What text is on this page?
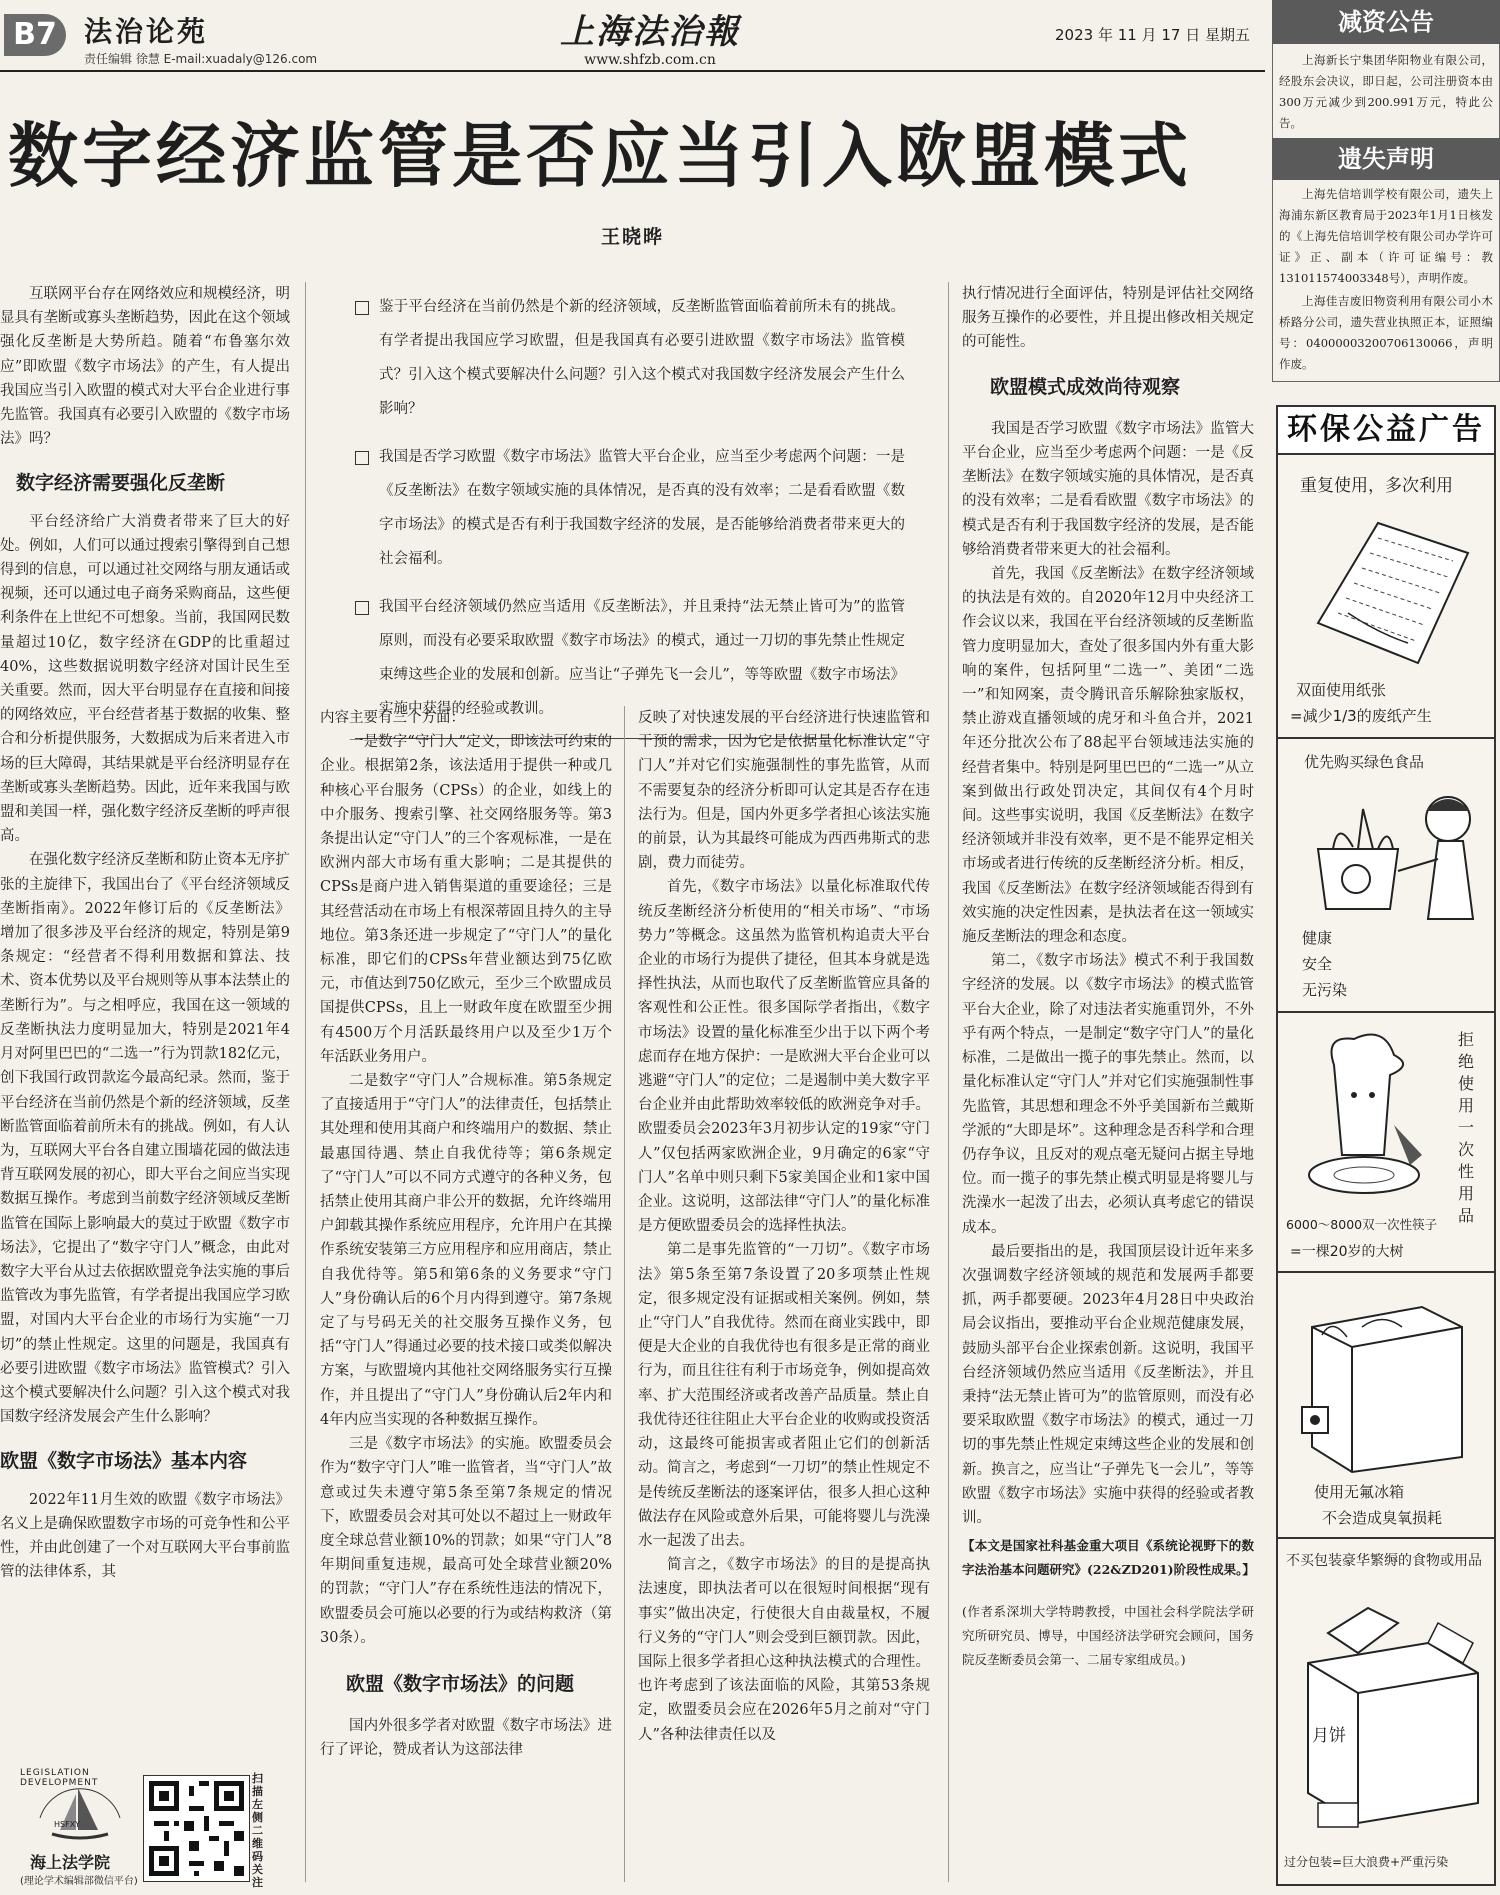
B7 法治论苑
责任编辑 徐慧 E-mail:xuadaly@126.com
上海法治報
www.shfzb.com.cn
2023 年 11 月 17 日 星期五
数字经济监管是否应当引入欧盟模式
王晓晔

互联网平台存在网络效应和规模经济，明显具有垄断或寡头垄断趋势，因此在这个领域强化反垄断是大势所趋。随着“布鲁塞尔效应”即欧盟《数字市场法》的产生，有人提出我国应当引入欧盟的模式对大平台企业进行事先监管。我国真有必要引入欧盟的《数字市场法》吗？

数字经济需要强化反垄断

平台经济给广大消费者带来了巨大的好处。例如，人们可以通过搜索引擎得到自己想得到的信息，可以通过社交网络与朋友通话或视频，还可以通过电子商务采购商品，这些便利条件在上世纪不可想象。当前，我国网民数量超过10亿，数字经济在GDP的比重超过40%，这些数据说明数字经济对国计民生至关重要。然而，因大平台明显存在直接和间接的网络效应，平台经营者基于数据的收集、整合和分析提供服务，大数据成为后来者进入市场的巨大障碍，其结果就是平台经济明显存在垄断或寡头垄断趋势。因此，近年来我国与欧盟和美国一样，强化数字经济反垄断的呼声很高。

在强化数字经济反垄断和防止资本无序扩张的主旋律下，我国出台了《平台经济领域反垄断指南》。2022年修订后的《反垄断法》增加了很多涉及平台经济的规定，特别是第9条规定：“经营者不得利用数据和算法、技术、资本优势以及平台规则等从事本法禁止的垄断行为”。与之相呼应，我国在这一领域的反垄断执法力度明显加大，特别是2021年4月对阿里巴巴的“二选一”行为罚款182亿元，创下我国行政罚款迄今最高纪录。然而，鉴于平台经济在当前仍然是个新的经济领域，反垄断监管面临着前所未有的挑战。例如，有人认为，互联网大平台各自建立围墙花园的做法违背互联网发展的初心，即大平台之间应当实现数据互操作。考虑到当前数字经济领域反垄断监管在国际上影响最大的莫过于欧盟《数字市场法》，它提出了“数字守门人”概念，由此对数字大平台从过去依据欧盟竞争法实施的事后监管改为事先监管，有学者提出我国应学习欧盟，对国内大平台企业的市场行为实施“一刀切”的禁止性规定。这里的问题是，我国真有必要引进欧盟《数字市场法》监管模式？引入这个模式要解决什么问题？引入这个模式对我国数字经济发展会产生什么影响？

欧盟《数字市场法》基本内容

2022年11月生效的欧盟《数字市场法》名义上是确保欧盟数字市场的可竞争性和公平性，并由此创建了一个对互联网大平台事前监管的法律体系，其

HSFXY
LEGISLATION DEVELOPMENT
海上法学院
(理论学术编辑部微信平台)
扫描左侧二维码关注
鉴于平台经济在当前仍然是个新的经济领域，反垄断监管面临着前所未有的挑战。有学者提出我国应学习欧盟，但是我国真有必要引进欧盟《数字市场法》监管模式？引入这个模式要解决什么问题？引入这个模式对我国数字经济发展会产生什么影响？
我国是否学习欧盟《数字市场法》监管大平台企业，应当至少考虑两个问题：一是《反垄断法》在数字领域实施的具体情况，是否真的没有效率；二是看看欧盟《数字市场法》的模式是否有利于我国数字经济的发展，是否能够给消费者带来更大的社会福利。
我国平台经济领域仍然应当适用《反垄断法》，并且秉持“法无禁止皆可为”的监管原则，而没有必要采取欧盟《数字市场法》的模式，通过一刀切的事先禁止性规定束缚这些企业的发展和创新。应当让“子弹先飞一会儿”，等等欧盟《数字市场法》实施中获得的经验或教训。

内容主要有三个方面：

一是数字“守门人”定义，即该法可约束的企业。根据第2条，该法适用于提供一种或几种核心平台服务（CPSs）的企业，如线上的中介服务、搜索引擎、社交网络服务等。第3条提出认定“守门人”的三个客观标准，一是在欧洲内部大市场有重大影响；二是其提供的CPSs是商户进入销售渠道的重要途径；三是其经营活动在市场上有根深蒂固且持久的主导地位。第3条还进一步规定了“守门人”的量化标准，即它们的CPSs年营业额达到75亿欧元，市值达到750亿欧元，至少三个欧盟成员国提供CPSs，且上一财政年度在欧盟至少拥有4500万个月活跃最终用户以及至少1万个年活跃业务用户。

二是数字“守门人”合规标准。第5条规定了直接适用于“守门人”的法律责任，包括禁止其处理和使用其商户和终端用户的数据、禁止最惠国待遇、禁止自我优待等；第6条规定了“守门人”可以不同方式遵守的各种义务，包括禁止使用其商户非公开的数据，允许终端用户卸载其操作系统应用程序，允许用户在其操作系统安装第三方应用程序和应用商店，禁止自我优待等。第5和第6条的义务要求“守门人”身份确认后的6个月内得到遵守。第7条规定了与号码无关的社交服务互操作义务，包括“守门人”得通过必要的技术接口或类似解决方案，与欧盟境内其他社交网络服务实行互操作，并且提出了“守门人”身份确认后2年内和4年内应当实现的各种数据互操作。

三是《数字市场法》的实施。欧盟委员会作为“数字守门人”唯一监管者，当“守门人”故意或过失未遵守第5条至第7条规定的情况下，欧盟委员会对其可处以不超过上一财政年度全球总营业额10%的罚款；如果“守门人”8年期间重复违规，最高可处全球营业额20%的罚款；“守门人”存在系统性违法的情况下，欧盟委员会可施以必要的行为或结构救济（第30条）。

欧盟《数字市场法》的问题

国内外很多学者对欧盟《数字市场法》进行了评论，赞成者认为这部法律

反映了对快速发展的平台经济进行快速监管和干预的需求，因为它是依据量化标准认定“守门人”并对它们实施强制性的事先监管，从而不需要复杂的经济分析即可认定其是否存在违法行为。但是，国内外更多学者担心该法实施的前景，认为其最终可能成为西西弗斯式的悲剧，费力而徒劳。

首先，《数字市场法》以量化标准取代传统反垄断经济分析使用的“相关市场”、“市场势力”等概念。这虽然为监管机构追责大平台企业的市场行为提供了捷径，但其本身就是选择性执法，从而也取代了反垄断监管应具备的客观性和公正性。很多国际学者指出，《数字市场法》设置的量化标准至少出于以下两个考虑而存在地方保护：一是欧洲大平台企业可以逃避“守门人”的定位；二是遏制中美大数字平台企业并由此帮助效率较低的欧洲竞争对手。欧盟委员会2023年3月初步认定的19家“守门人”仅包括两家欧洲企业，9月确定的6家“守门人”名单中则只剩下5家美国企业和1家中国企业。这说明，这部法律“守门人”的量化标准是方便欧盟委员会的选择性执法。

第二是事先监管的“一刀切”。《数字市场法》第5条至第7条设置了20多项禁止性规定，很多规定没有证据或相关案例。例如，禁止“守门人”自我优待。然而在商业实践中，即便是大企业的自我优待也有很多是正常的商业行为，而且往往有利于市场竞争，例如提高效率、扩大范围经济或者改善产品质量。禁止自我优待还往往阻止大平台企业的收购或投资活动，这最终可能损害或者阻止它们的创新活动。简言之，考虑到“一刀切”的禁止性规定不是传统反垄断法的逐案评估，很多人担心这种做法存在风险或意外后果，可能将婴儿与洗澡水一起泼了出去。

简言之，《数字市场法》的目的是提高执法速度，即执法者可以在很短时间根据“现有事实”做出决定，行使很大自由裁量权，不履行义务的“守门人”则会受到巨额罚款。因此，国际上很多学者担心这种执法模式的合理性。也许考虑到了该法面临的风险，其第53条规定，欧盟委员会应在2026年5月之前对“守门人”各种法律责任以及

执行情况进行全面评估，特别是评估社交网络服务互操作的必要性，并且提出修改相关规定的可能性。

欧盟模式成效尚待观察

我国是否学习欧盟《数字市场法》监管大平台企业，应当至少考虑两个问题：一是《反垄断法》在数字领域实施的具体情况，是否真的没有效率；二是看看欧盟《数字市场法》的模式是否有利于我国数字经济的发展，是否能够给消费者带来更大的社会福利。

首先，我国《反垄断法》在数字经济领域的执法是有效的。自2020年12月中央经济工作会议以来，我国在平台经济领域的反垄断监管力度明显加大，查处了很多国内外有重大影响的案件，包括阿里“二选一”、美团“二选一”和知网案，责令腾讯音乐解除独家版权，禁止游戏直播领域的虎牙和斗鱼合并，2021年还分批次公布了88起平台领域违法实施的经营者集中。特别是阿里巴巴的“二选一”从立案到做出行政处罚决定，其间仅有4个月时间。这些事实说明，我国《反垄断法》在数字经济领域并非没有效率，更不是不能界定相关市场或者进行传统的反垄断经济分析。相反，我国《反垄断法》在数字经济领域能否得到有效实施的决定性因素，是执法者在这一领域实施反垄断法的理念和态度。

第二，《数字市场法》模式不利于我国数字经济的发展。以《数字市场法》的模式监管平台大企业，除了对违法者实施重罚外，不外乎有两个特点，一是制定“数字守门人”的量化标准，二是做出一揽子的事先禁止。然而，以量化标准认定“守门人”并对它们实施强制性事先监管，其思想和理念不外乎美国新布兰戴斯学派的“大即是坏”。这种理念是否科学和合理仍存争议，且反对的观点毫无疑问占据主导地位。而一揽子的事先禁止模式明显是将婴儿与洗澡水一起泼了出去，必须认真考虑它的错误成本。

最后要指出的是，我国顶层设计近年来多次强调数字经济领域的规范和发展两手都要抓，两手都要硬。2023年4月28日中央政治局会议指出，要推动平台企业规范健康发展，鼓励头部平台企业探索创新。这说明，我国平台经济领域仍然应当适用《反垄断法》，并且秉持“法无禁止皆可为”的监管原则，而没有必要采取欧盟《数字市场法》的模式，通过一刀切的事先禁止性规定束缚这些企业的发展和创新。换言之，应当让“子弹先飞一会儿”，等等欧盟《数字市场法》实施中获得的经验或者教训。

【本文是国家社科基金重大项目《系统论视野下的数字法治基本问题研究》(22&ZD201)阶段性成果。】
(作者系深圳大学特聘教授，中国社会科学院法学研究所研究员、博导，中国经济法学研究会顾问，国务院反垄断委员会第一、二届专家组成员。)
减资公告

上海新长宁集团华阳物业有限公司，经股东会决议，即日起，公司注册资本由300万元减少到200.991万元，特此公告。

遗失声明

上海先信培训学校有限公司，遗失上海浦东新区教育局于2023年1月1日核发的《上海先信培训学校有限公司办学许可证》正、副本（许可证编号：教131011574003348号），声明作废。

上海佳吉废旧物资利用有限公司小木桥路分公司，遗失营业执照正本，证照编号：04000003200706130066，声明作废。

环保公益广告
重复使用，多次利用
双面使用纸张
=减少1/3的废纸产生
优先购买绿色食品
健康
安全
无污染
拒绝使用一次性用品
6000～8000双一次性筷子
=一棵20岁的大树
使用无氟冰箱
不会造成臭氧损耗
不买包装豪华繁缛的食物或用品
月饼
过分包装=巨大浪费+严重污染
